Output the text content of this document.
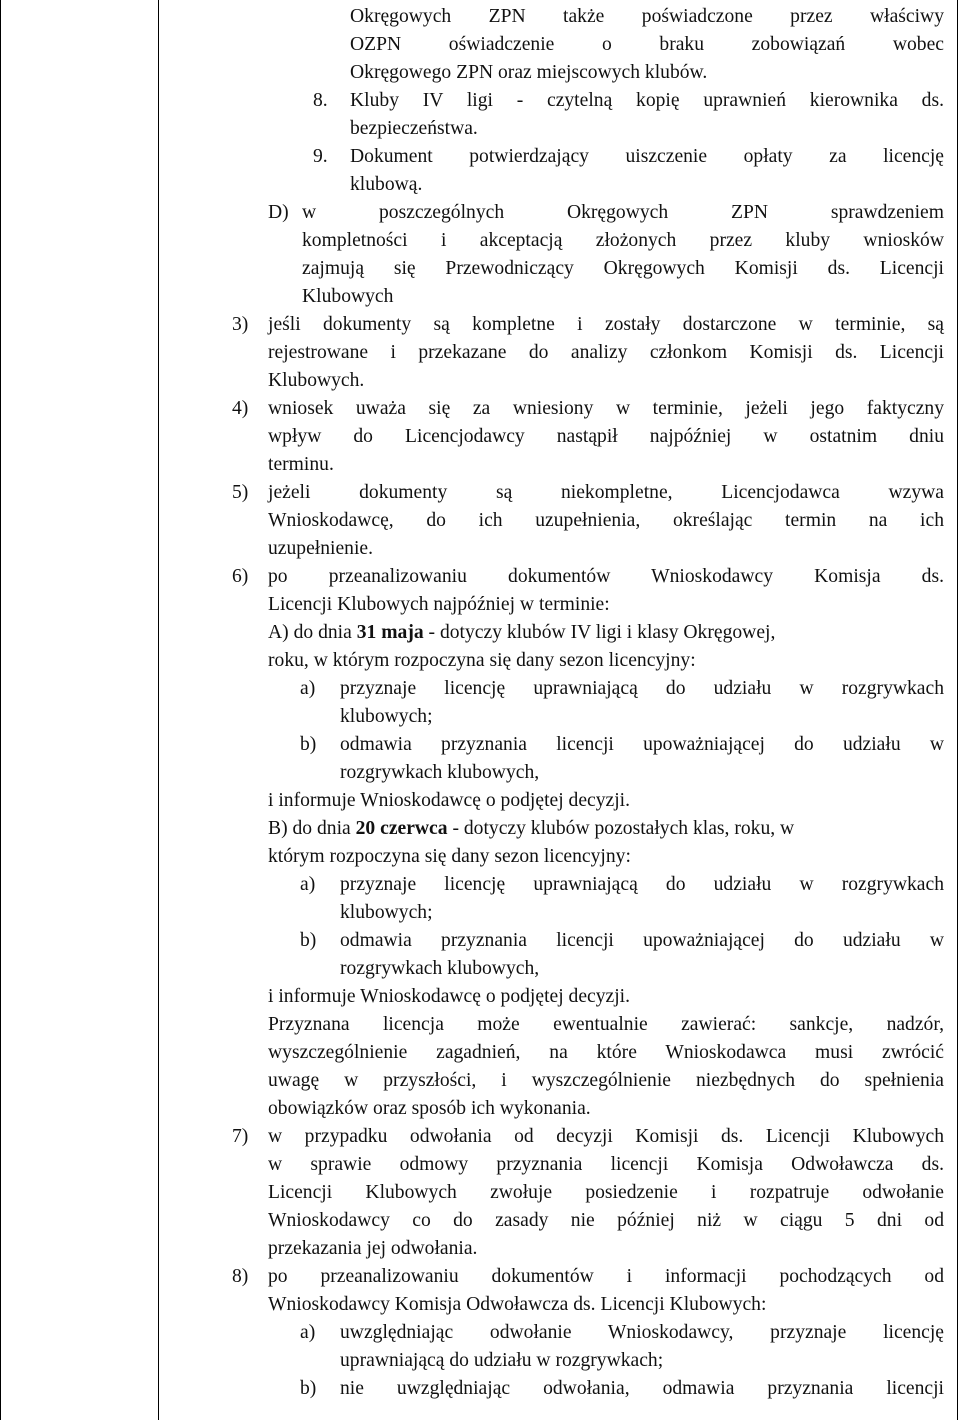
Okręgowych ZPN także poświadczone przez właściwy
OZPN oświadczenie o braku zobowiązań wobec
Okręgowego ZPN oraz miejscowych klubów.
8. Kluby IV ligi - czytelną kopię uprawnień kierownika ds.
bezpieczeństwa.
9. Dokument potwierdzający uiszczenie opłaty za licencję
klubową.
D) w poszczególnych Okręgowych ZPN sprawdzeniem
kompletności i akceptacją złożonych przez kluby wniosków
zajmują się Przewodniczący Okręgowych Komisji ds. Licencji
Klubowych
3) jeśli dokumenty są kompletne i zostały dostarczone w terminie, są
rejestrowane i przekazane do analizy członkom Komisji ds. Licencji
Klubowych.
4) wniosek uważa się za wniesiony w terminie, jeżeli jego faktyczny
wpływ do Licencjodawcy nastąpił najpóźniej w ostatnim dniu
terminu.
5) jeżeli dokumenty są niekompletne, Licencjodawca wzywa
Wnioskodawcę, do ich uzupełnienia, określając termin na ich
uzupełnienie.
6) po przeanalizowaniu dokumentów Wnioskodawcy Komisja ds.
Licencji Klubowych najpóźniej w terminie:
A) do dnia 31 maja - dotyczy klubów IV ligi i klasy Okręgowej,
roku, w którym rozpoczyna się dany sezon licencyjny:
a) przyznaje licencję uprawniającą do udziału w rozgrywkach
klubowych;
b) odmawia przyznania licencji upoważniającej do udziału w
rozgrywkach klubowych,
i informuje Wnioskodawcę o podjętej decyzji.
B) do dnia 20 czerwca - dotyczy klubów pozostałych klas, roku, w
którym rozpoczyna się dany sezon licencyjny:
a) przyznaje licencję uprawniającą do udziału w rozgrywkach
klubowych;
b) odmawia przyznania licencji upoważniającej do udziału w
rozgrywkach klubowych,
i informuje Wnioskodawcę o podjętej decyzji.
Przyznana licencja może ewentualnie zawierać: sankcje, nadzór,
wyszczególnienie zagadnień, na które Wnioskodawca musi zwrócić
uwagę w przyszłości, i wyszczególnienie niezbędnych do spełnienia
obowiązków oraz sposób ich wykonania.
7) w przypadku odwołania od decyzji Komisji ds. Licencji Klubowych
w sprawie odmowy przyznania licencji Komisja Odwoławcza ds.
Licencji Klubowych zwołuje posiedzenie i rozpatruje odwołanie
Wnioskodawcy co do zasady nie później niż w ciągu 5 dni od
przekazania jej odwołania.
8) po przeanalizowaniu dokumentów i informacji pochodzących od
Wnioskodawcy Komisja Odwoławcza ds. Licencji Klubowych:
a) uwzględniając odwołanie Wnioskodawcy, przyznaje licencję
uprawniającą do udziału w rozgrywkach;
b) nie uwzględniając odwołania, odmawia przyznania licencji
